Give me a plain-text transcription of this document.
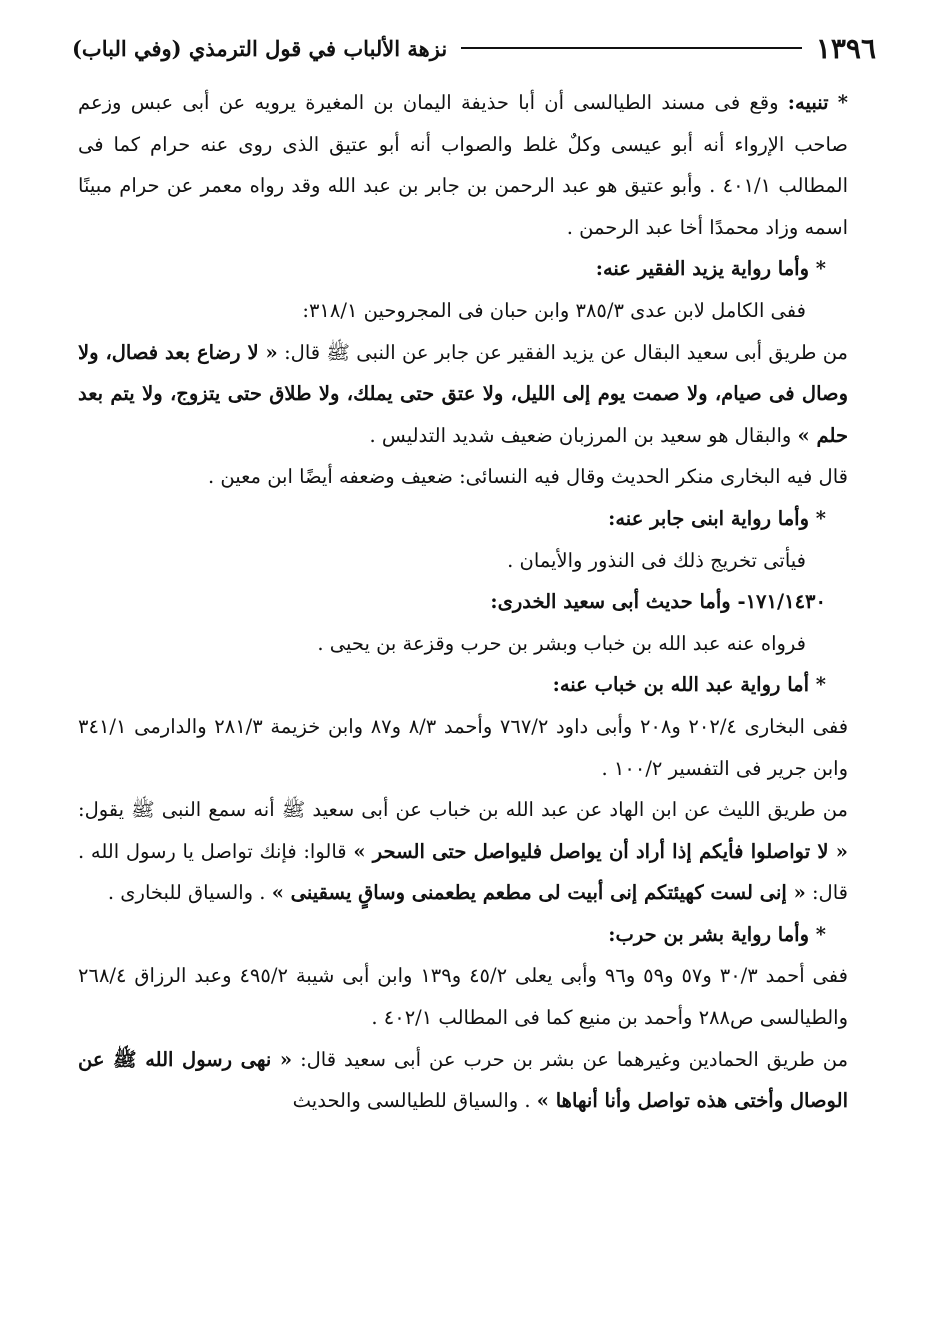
١٣٩٦
نزهة الألباب في قول الترمذي (وفي الباب)

* تنبيه: وقع فى مسند الطيالسى أن أبا حذيفة اليمان بن المغيرة يرويه عن أبى عبس وزعم صاحب الإرواء أنه أبو عيسى وكلٌ غلط والصواب أنه أبو عتيق الذى روى عنه حرام كما فى المطالب ٤٠١/١ . وأبو عتيق هو عبد الرحمن بن جابر بن عبد الله وقد رواه معمر عن حرام مبينًا اسمه وزاد محمدًا أخا عبد الرحمن .

* وأما رواية يزيد الفقير عنه:

ففى الكامل لابن عدى ٣٨٥/٣ وابن حبان فى المجروحين ٣١٨/١:

من طريق أبى سعيد البقال عن يزيد الفقير عن جابر عن النبى ﷺ قال: « لا رضاع بعد فصال، ولا وصال فى صيام، ولا صمت يوم إلى الليل، ولا عتق حتى يملك، ولا طلاق حتى يتزوج، ولا يتم بعد حلم » والبقال هو سعيد بن المرزبان ضعيف شديد التدليس .

قال فيه البخارى منكر الحديث وقال فيه النسائى: ضعيف وضعفه أيضًا ابن معين .

* وأما رواية ابنى جابر عنه:

فيأتى تخريج ذلك فى النذور والأيمان .

١٧١/١٤٣٠- وأما حديث أبى سعيد الخدرى:

فرواه عنه عبد الله بن خباب وبشر بن حرب وقزعة بن يحيى .

* أما رواية عبد الله بن خباب عنه:

ففى البخارى ٢٠٢/٤ و٢٠٨ وأبى داود ٧٦٧/٢ وأحمد ٨/٣ و٨٧ وابن خزيمة ٢٨١/٣ والدارمى ٣٤١/١ وابن جرير فى التفسير ١٠٠/٢ .

من طريق الليث عن ابن الهاد عن عبد الله بن خباب عن أبى سعيد ﷺ أنه سمع النبى ﷺ يقول: « لا تواصلوا فأيكم إذا أراد أن يواصل فليواصل حتى السحر » قالوا: فإنك تواصل يا رسول الله . قال: « إنى لست كهيئتكم إنى أبيت لى مطعم يطعمنى وساقٍ يسقينى » . والسياق للبخارى .

* وأما رواية بشر بن حرب:

ففى أحمد ٣٠/٣ و٥٧ و٥٩ و٩٦ وأبى يعلى ٤٥/٢ و١٣٩ وابن أبى شيبة ٤٩٥/٢ وعبد الرزاق ٢٦٨/٤ والطيالسى ص٢٨٨ وأحمد بن منيع كما فى المطالب ٤٠٢/١ .

من طريق الحمادين وغيرهما عن بشر بن حرب عن أبى سعيد قال: « نهى رسول الله ﷺ عن الوصال وأختى هذه تواصل وأنا أنهاها » . والسياق للطيالسى والحديث
